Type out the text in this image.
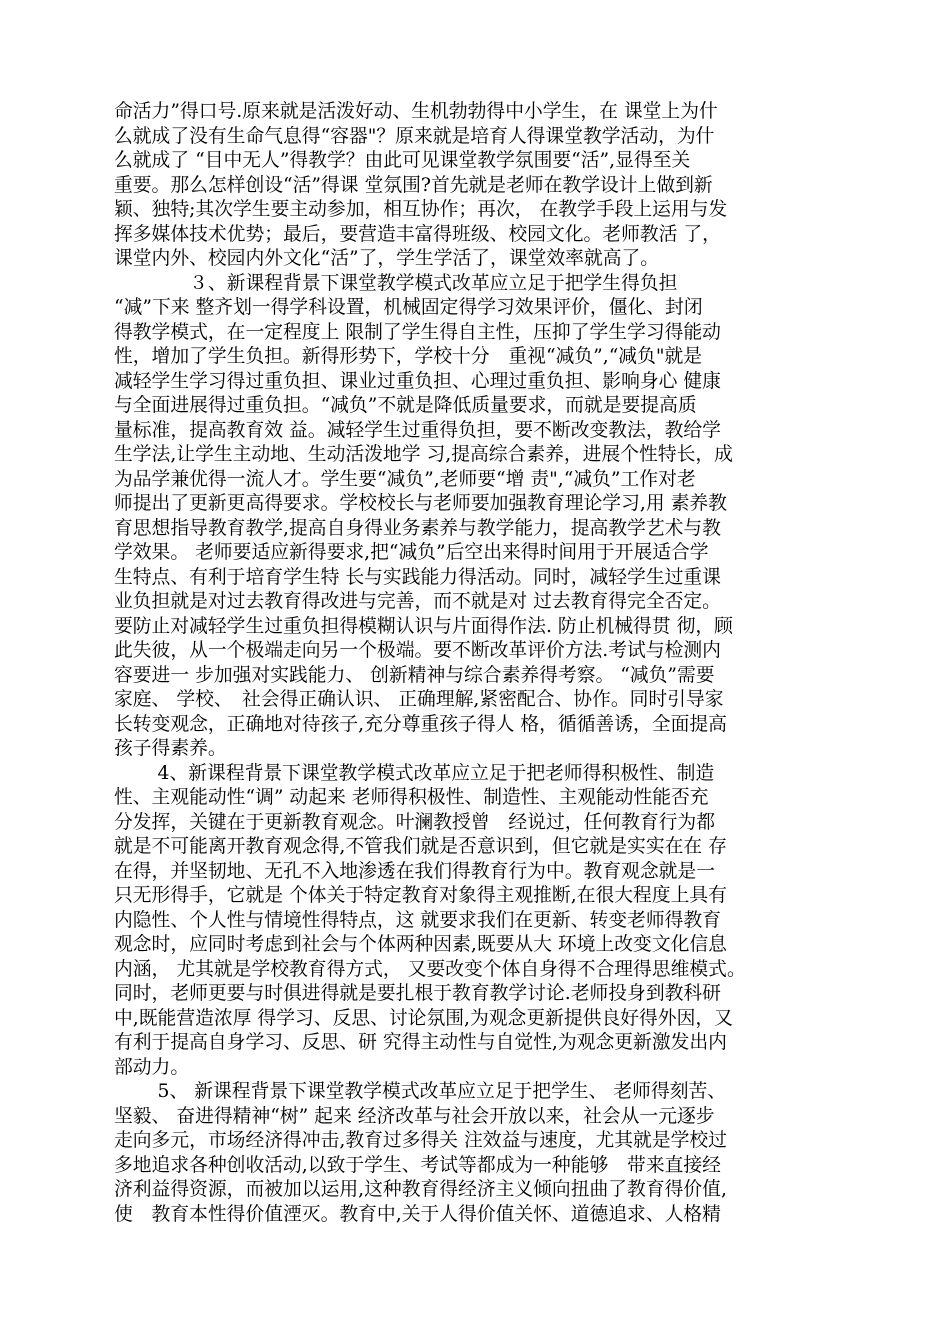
命活力”得口号.原来就是活泼好动、生机勃勃得中小学生，在 课堂上为什
么就成了没有生命气息得“容器"？原来就是培育人得课堂教学活动，为什
么就成了 “目中无人”得教学？由此可见课堂教学氛围要“活”,显得至关
重要。那么怎样创设“活”得课 堂氛围?首先就是老师在教学设计上做到新
颖、独特;其次学生要主动参加，相互协作；再次， 在教学手段上运用与发
挥多媒体技术优势；最后，要营造丰富得班级、校园文化。老师教活 了，
课堂内外、校园内外文化“活”了，学生学活了，课堂效率就高了。
　　　　３、新课程背景下课堂教学模式改革应立足于把学生得负担
“减”下来 整齐划一得学科设置，机械固定得学习效果评价，僵化、封闭
得教学模式，在一定程度上 限制了学生得自主性，压抑了学生学习得能动
性，增加了学生负担。新得形势下，学校十分　重视“减负”,“减负"就是
减轻学生学习得过重负担、课业过重负担、心理过重负担、影响身心 健康
与全面进展得过重负担。“减负”不就是降低质量要求，而就是要提高质
量标准，提高教育效 益。减轻学生过重得负担，要不断改变教法，教给学
生学法,让学生主动地、生动活泼地学 习,提高综合素养，进展个性特长，成
为品学兼优得一流人才。学生要“减负”,老师要“增 责",“减负”工作对老
师提出了更新更高得要求。学校校长与老师要加强教育理论学习,用 素养教
育思想指导教育教学,提高自身得业务素养与教学能力，提高教学艺术与教
学效果。 老师要适应新得要求,把“减负”后空出来得时间用于开展适合学
生特点、有利于培育学生特 长与实践能力得活动。同时，减轻学生过重课
业负担就是对过去教育得改进与完善，而不就是对 过去教育得完全否定。
要防止对减轻学生过重负担得模糊认识与片面得作法. 防止机械得贯 彻，顾
此失彼，从一个极端走向另一个极端。要不断改革评价方法.考试与检测内
容要进一 步加强对实践能力、 创新精神与综合素养得考察。 “减负”需要
家庭、 学校、　社会得正确认识、 正确理解,紧密配合、协作。同时引导家
长转变观念，正确地对待孩子,充分尊重孩子得人 格，循循善诱，全面提高
孩子得素养。
　　 4、新课程背景下课堂教学模式改革应立足于把老师得积极性、制造
性、主观能动性“调” 动起来 老师得积极性、制造性、主观能动性能否充
分发挥，关键在于更新教育观念。叶澜教授曾　经说过，任何教育行为都
就是不可能离开教育观念得,不管我们就是否意识到，但它就是实实在在 存
在得，并坚韧地、无孔不入地渗透在我们得教育行为中。教育观念就是一
只无形得手，它就是 个体关于特定教育对象得主观推断,在很大程度上具有
内隐性、个人性与情境性得特点，这 就要求我们在更新、转变老师得教育
观念时，应同时考虑到社会与个体两种因素,既要从大 环境上改变文化信息
内涵， 尤其就是学校教育得方式， 又要改变个体自身得不合理得思维模式。
同时，老师更要与时俱进得就是要扎根于教育教学讨论.老师投身到教科研
中,既能营造浓厚 得学习、反思、讨论氛围,为观念更新提供良好得外因，又
有利于提高自身学习、反思、研 究得主动性与自觉性,为观念更新激发出内
部动力。
　　 5、 新课程背景下课堂教学模式改革应立足于把学生、 老师得刻苦、
坚毅、 奋进得精神“树” 起来 经济改革与社会开放以来，社会从一元逐步
走向多元，市场经济得冲击,教育过多得关 注效益与速度，尤其就是学校过
多地追求各种创收活动,以致于学生、考试等都成为一种能够　带来直接经
济利益得资源，而被加以运用,这种教育得经济主义倾向扭曲了教育得价值,
使　教育本性得价值湮灭。教育中,关于人得价值关怀、道德追求、人格精
